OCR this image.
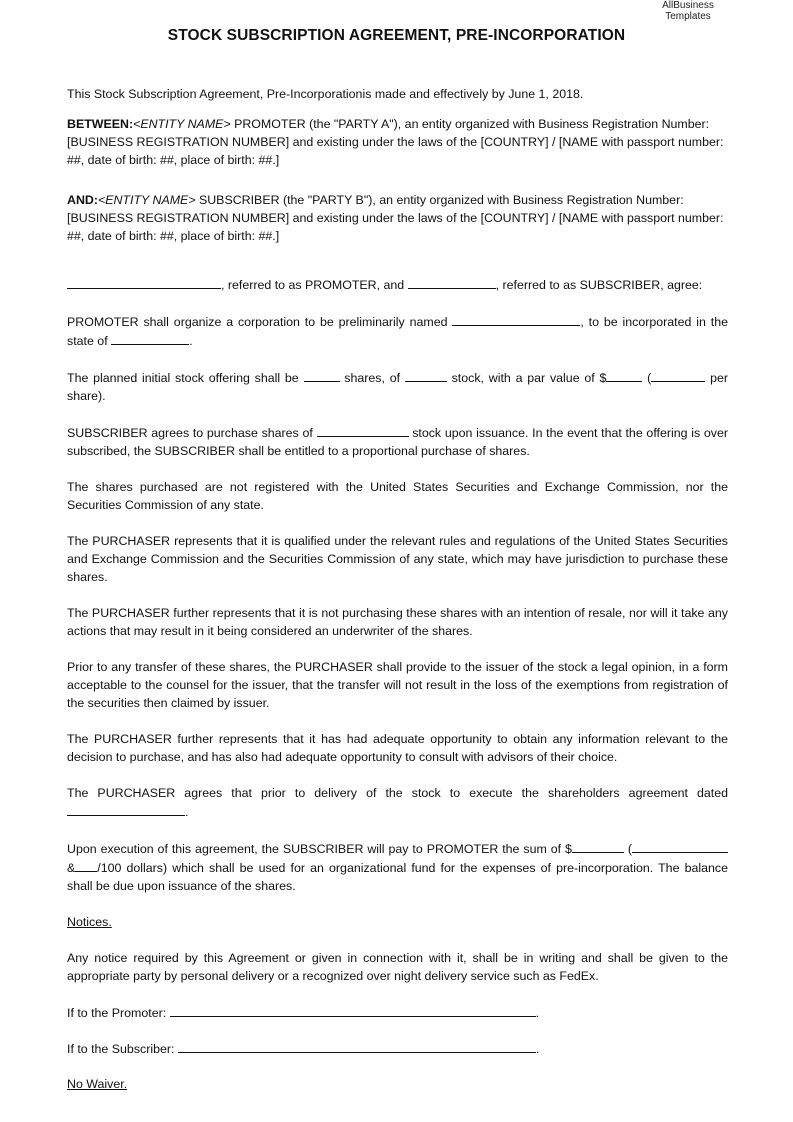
AllBusiness
Templates
STOCK SUBSCRIPTION AGREEMENT, PRE-INCORPORATION

This Stock Subscription Agreement, Pre-Incorporationis made and effectively by June 1, 2018.

BETWEEN:<ENTITY NAME> PROMOTER (the "PARTY A"), an entity organized with Business Registration Number: [BUSINESS REGISTRATION NUMBER] and existing under the laws of the [COUNTRY] / [NAME with passport number: ##, date of birth: ##, place of birth: ##.]

AND:<ENTITY NAME> SUBSCRIBER (the "PARTY B"), an entity organized with Business Registration Number: [BUSINESS REGISTRATION NUMBER] and existing under the laws of the [COUNTRY] / [NAME with passport number: ##, date of birth: ##, place of birth: ##.]

, referred to as PROMOTER, and	, referred to as SUBSCRIBER, agree:

PROMOTER shall organize a corporation to be preliminarily named	, to be incorporated in the state of	.

The planned initial stock offering shall be	shares, of	stock, with a par value of $	(	per share).

SUBSCRIBER agrees to purchase shares of	stock upon issuance. In the event that the offering is over subscribed, the SUBSCRIBER shall be entitled to a proportional purchase of shares.

The shares purchased are not registered with the United States Securities and Exchange Commission, nor the Securities Commission of any state.

The PURCHASER represents that it is qualified under the relevant rules and regulations of the United States Securities and Exchange Commission and the Securities Commission of any state, which may have jurisdiction to purchase these shares.

The PURCHASER further represents that it is not purchasing these shares with an intention of resale, nor will it take any actions that may result in it being considered an underwriter of the shares.

Prior to any transfer of these shares, the PURCHASER shall provide to the issuer of the stock a legal opinion, in a form acceptable to the counsel for the issuer, that the transfer will not result in the loss of the exemptions from registration of the securities then claimed by issuer.

The PURCHASER further represents that it has had adequate opportunity to obtain any information relevant to the decision to purchase, and has also had adequate opportunity to consult with advisors of their choice.

The PURCHASER agrees that prior to delivery of the stock to execute the shareholders agreement dated .

Upon execution of this agreement, the SUBSCRIBER will pay to PROMOTER the sum of $	(& /100 dollars) which shall be used for an organizational fund for the expenses of pre-incorporation. The balance shall be due upon issuance of the shares.

Notices.

Any notice required by this Agreement or given in connection with it, shall be in writing and shall be given to the appropriate party by personal delivery or a recognized over night delivery service such as FedEx.

If to the Promoter:	.

If to the Subscriber:	.

No Waiver.
